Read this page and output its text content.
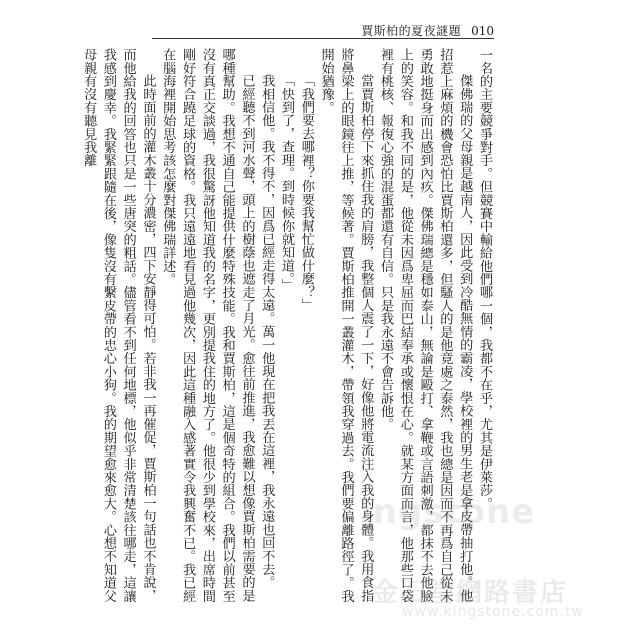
賈斯柏的夏夜謎題 010

一名的主要競爭對手。但競賽中輸給他們哪一個，我都不在乎，尤其是伊萊莎。

傑佛瑞的父母親是越南人，因此受到冷酷無情的霸凌，學校裡的男生老是拿皮帶抽打他。他招惹上麻煩的機會恐怕比賈斯柏還多，但騷人的是他竟處之泰然，我也總是因而不再爲自己從未勇敢地挺身而出感到內疚。傑佛瑞總是穩如泰山，無論是毆打、拿鞭或言語刺激，都抹不去他臉上的笑容。和我不同的是，他從未因爲卑屈而巴結奉承或懷恨在心。就某方面而言，他那些口袋裡有桃核、報復心強的混蛋都還有自信。只是我永遠不會告訴他。

當賈斯柏停下來抓住我的肩膀，我整個人震了一下，好像他將電流注入我的身體。我用食指將鼻梁上的眼鏡往上推，等候著。賈斯柏推開一叢灌木，帶領我穿過去。我們要偏離路徑了。我開始猶豫。

「我們要去哪裡？你要我幫忙做什麼？」

「快到了，查理。到時候你就知道。」

我相信他。我不得不，因爲已經走得太遠。萬一他現在把我丟在這裡，我永遠也回不去。

已經聽不到河水聲，頭上的樹蔭也遮走了月光。愈往前推進，我愈難以想像賈斯柏需要的是哪種幫助。我想不通自己能提供什麼特殊技能。我和賈斯柏，這是個奇特的組合。我們以前甚至沒有真正交談過，我很驚訝他知道我的名字，更別提我住的地方了。他很少到學校來，出席時間剛好符合蹺足球的資格。我只遠遠地看見過他幾次，因此這種融入感著實令我興奮不已。我已經在腦海裡開始思考該怎麼對傑佛瑞詳述。

此時面前的灌木叢十分濃密，四下安靜得可怕。若非我一再催促，賈斯柏一句話也不肯說，而他給我的回答也只是一些唐突的粗話。儘管看不到任何地標，他似乎非常清楚該往哪走，這讓我感到慶幸。我緊緊跟隨在後，像隻沒有繫皮帶的忠心小狗。我的期望愈來愈大。心想不知道父母親有沒有聽見我離

ingstone
金石堂網路書店
www.kingstone.com.tw
